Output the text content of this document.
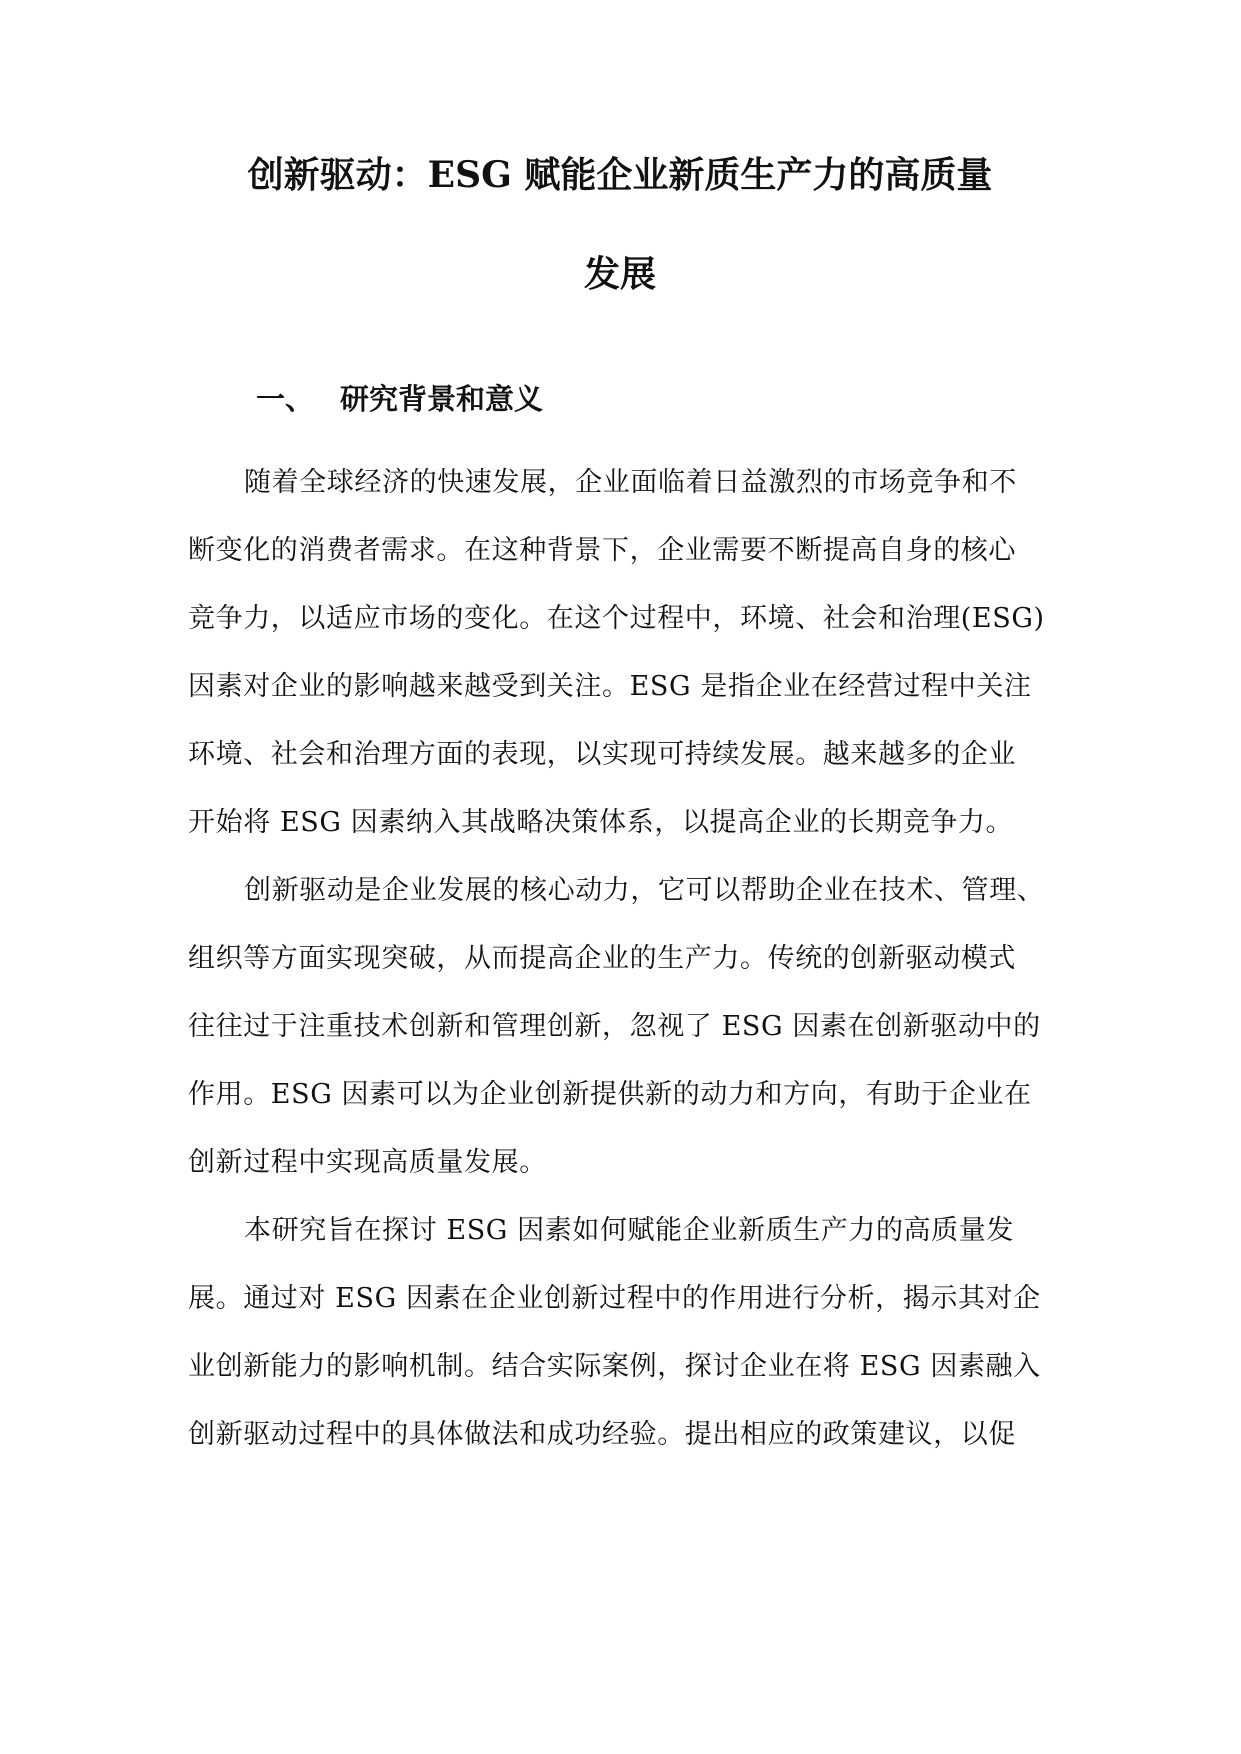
创新驱动：ESG 赋能企业新质生产力的高质量
发展
一、 研究背景和意义
随着全球经济的快速发展，企业面临着日益激烈的市场竞争和不
断变化的消费者需求。在这种背景下，企业需要不断提高自身的核心
竞争力，以适应市场的变化。在这个过程中，环境、社会和治理(ESG)
因素对企业的影响越来越受到关注。ESG 是指企业在经营过程中关注
环境、社会和治理方面的表现，以实现可持续发展。越来越多的企业
开始将 ESG 因素纳入其战略决策体系，以提高企业的长期竞争力。
创新驱动是企业发展的核心动力，它可以帮助企业在技术、管理、
组织等方面实现突破，从而提高企业的生产力。传统的创新驱动模式
往往过于注重技术创新和管理创新，忽视了 ESG 因素在创新驱动中的
作用。ESG 因素可以为企业创新提供新的动力和方向，有助于企业在
创新过程中实现高质量发展。
本研究旨在探讨 ESG 因素如何赋能企业新质生产力的高质量发
展。通过对 ESG 因素在企业创新过程中的作用进行分析，揭示其对企
业创新能力的影响机制。结合实际案例，探讨企业在将 ESG 因素融入
创新驱动过程中的具体做法和成功经验。提出相应的政策建议，以促
